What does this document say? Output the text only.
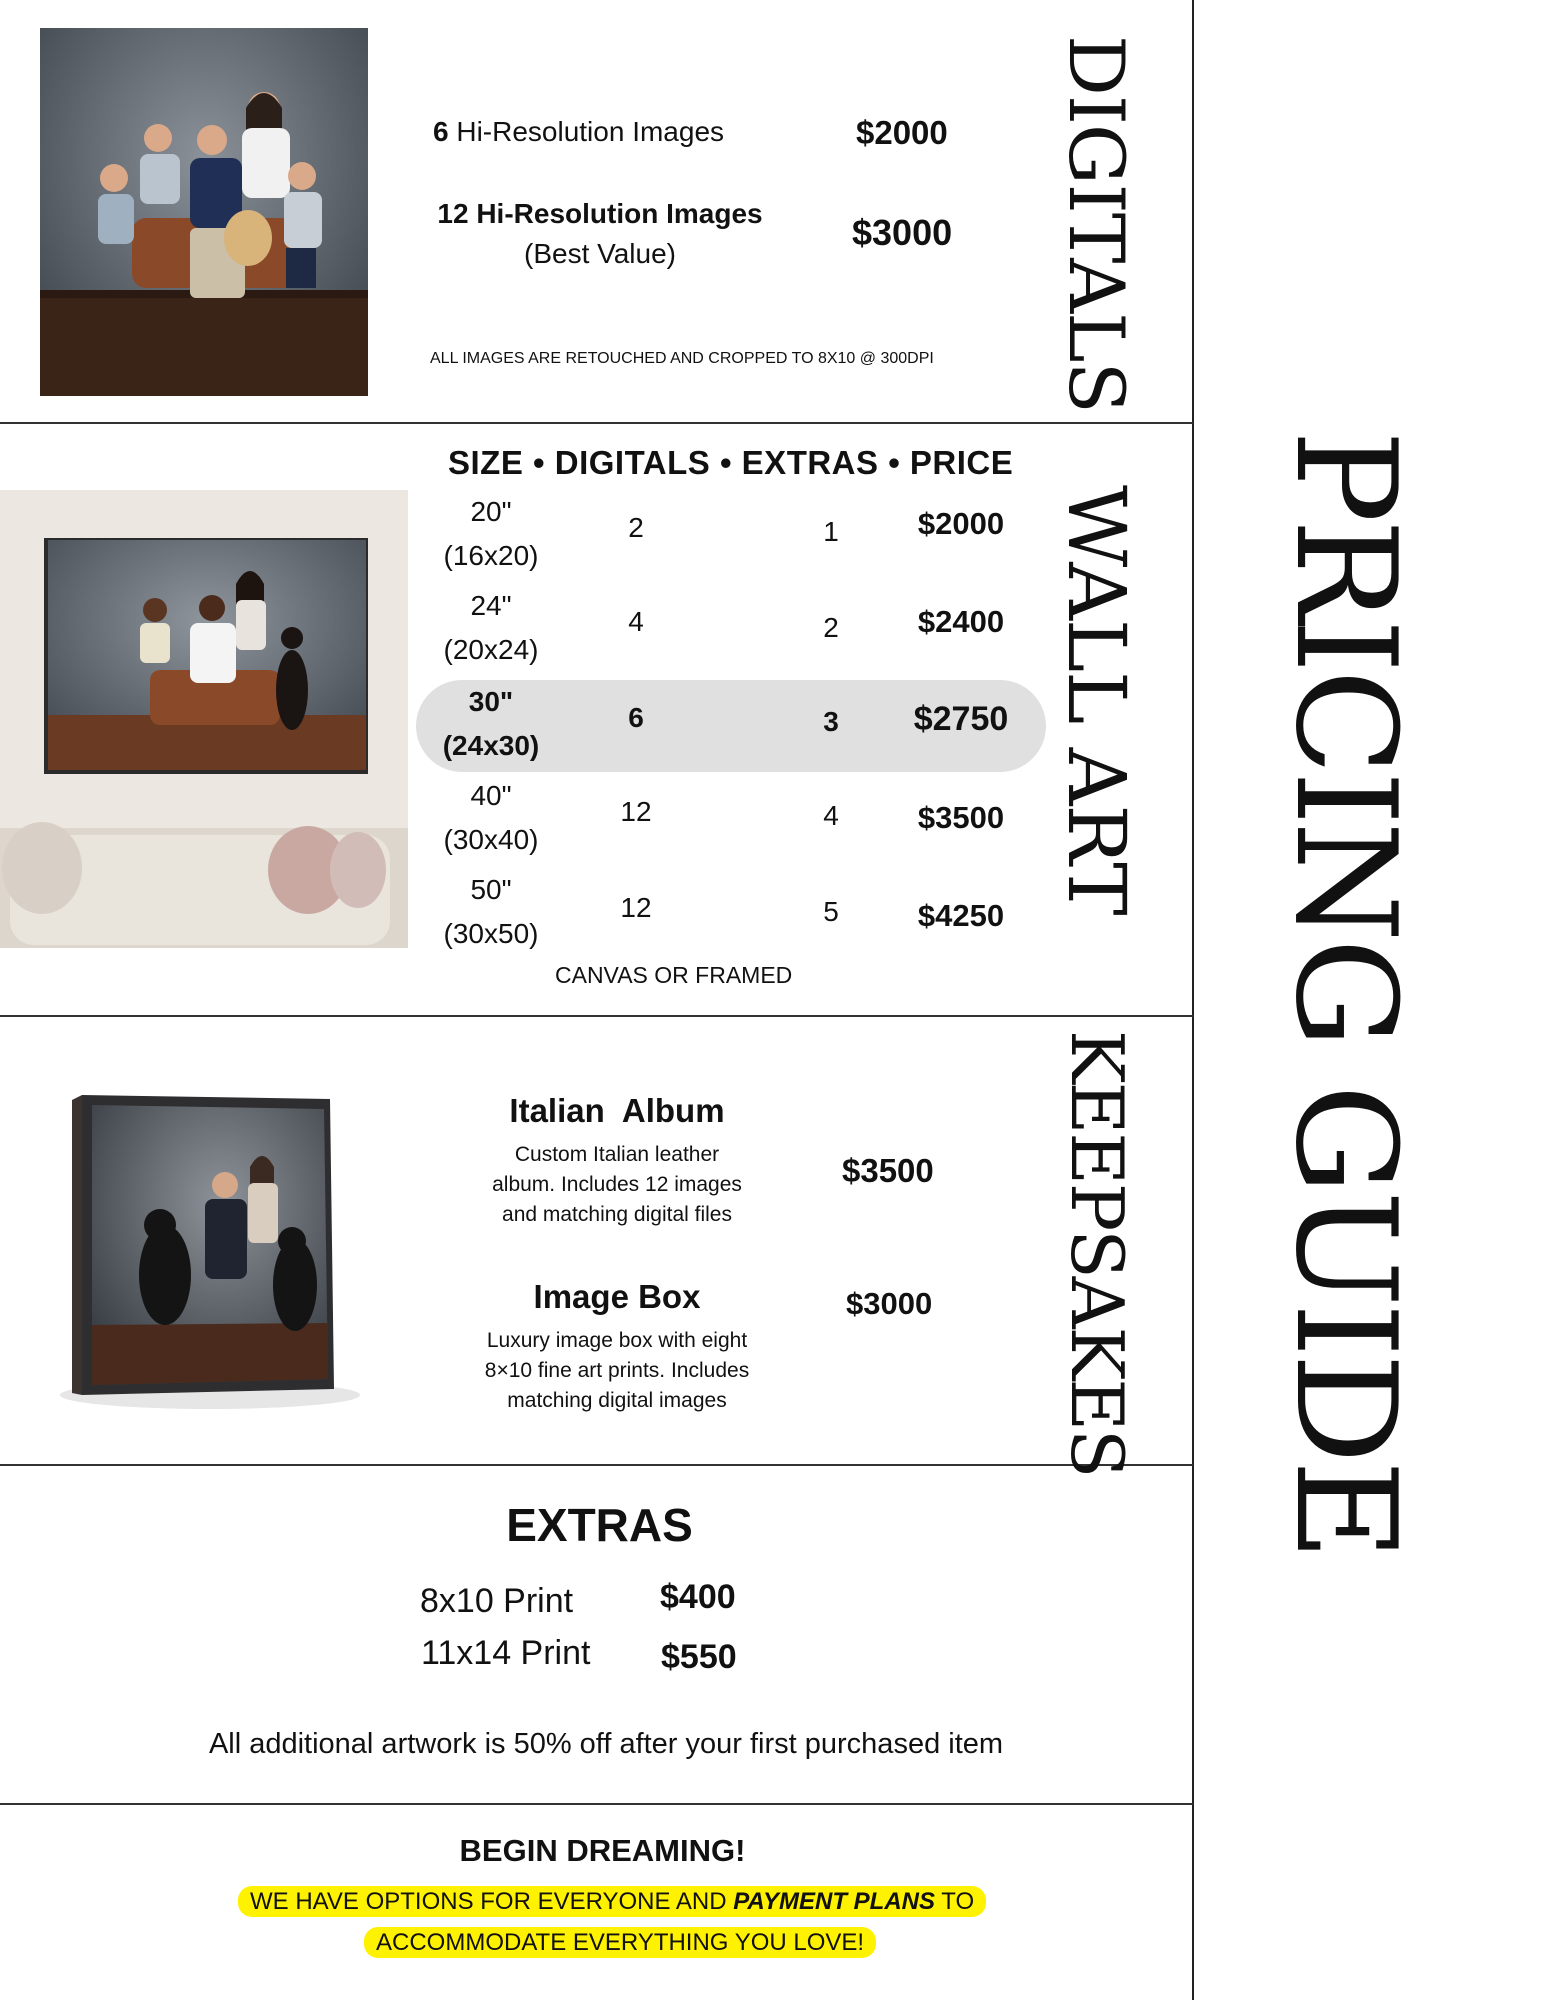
PRICING GUIDE
6 Hi-Resolution Images	$2000
12 Hi-Resolution Images
(Best Value)
$3000
ALL IMAGES ARE RETOUCHED AND CROPPED TO 8X10 @ 300DPI DIGITALS
SIZE • DIGITALS • EXTRAS • PRICE
20"
(16x20)
2	1	$2000
24"
(20x24)
4	2	$2400
30"
(24x30)
6	3	$2750
40"
(30x40)
12	4	$3500
50"
(30x50)
12	5	$4250
CANVAS OR FRAMED
WALL ART
Italian  Album
Custom Italian leather
album. Includes 12 images
and matching digital files
$3500
Image Box
Luxury image box with eight
8×10 fine art prints. Includes
matching digital images
$3000 KEEPSAKES
EXTRAS
8x10 Print	$400
11x14 Print $550
All additional artwork is 50% off after your first purchased item
BEGIN DREAMING!
WE HAVE OPTIONS FOR EVERYONE AND PAYMENT PLANS TO
ACCOMMODATE EVERYTHING YOU LOVE!
